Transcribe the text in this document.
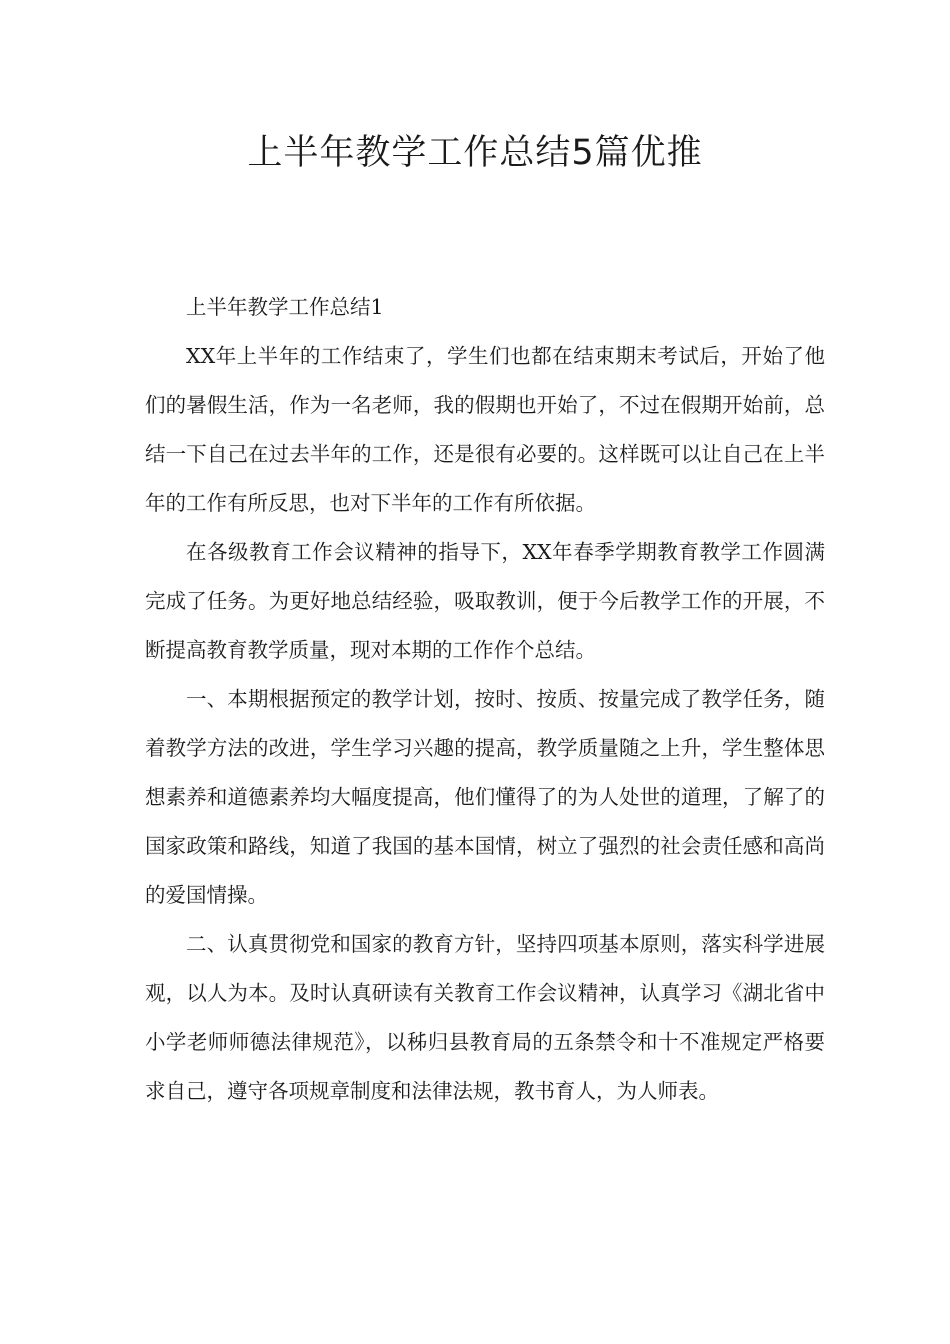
上半年教学工作总结5篇优推

上半年教学工作总结1

XX年上半年的工作结束了，学生们也都在结束期末考试后，开始了他们的暑假生活，作为一名老师，我的假期也开始了，不过在假期开始前，总结一下自己在过去半年的工作，还是很有必要的。这样既可以让自己在上半年的工作有所反思，也对下半年的工作有所依据。

在各级教育工作会议精神的指导下，XX年春季学期教育教学工作圆满完成了任务。为更好地总结经验，吸取教训，便于今后教学工作的开展，不断提高教育教学质量，现对本期的工作作个总结。

一、本期根据预定的教学计划，按时、按质、按量完成了教学任务，随着教学方法的改进，学生学习兴趣的提高，教学质量随之上升，学生整体思想素养和道德素养均大幅度提高，他们懂得了的为人处世的道理，了解了的国家政策和路线，知道了我国的基本国情，树立了强烈的社会责任感和高尚的爱国情操。

二、认真贯彻党和国家的教育方针，坚持四项基本原则，落实科学进展观，以人为本。及时认真研读有关教育工作会议精神，认真学习《湖北省中小学老师师德法律规范》，以秭归县教育局的五条禁令和十不准规定严格要求自己，遵守各项规章制度和法律法规，教书育人，为人师表。
